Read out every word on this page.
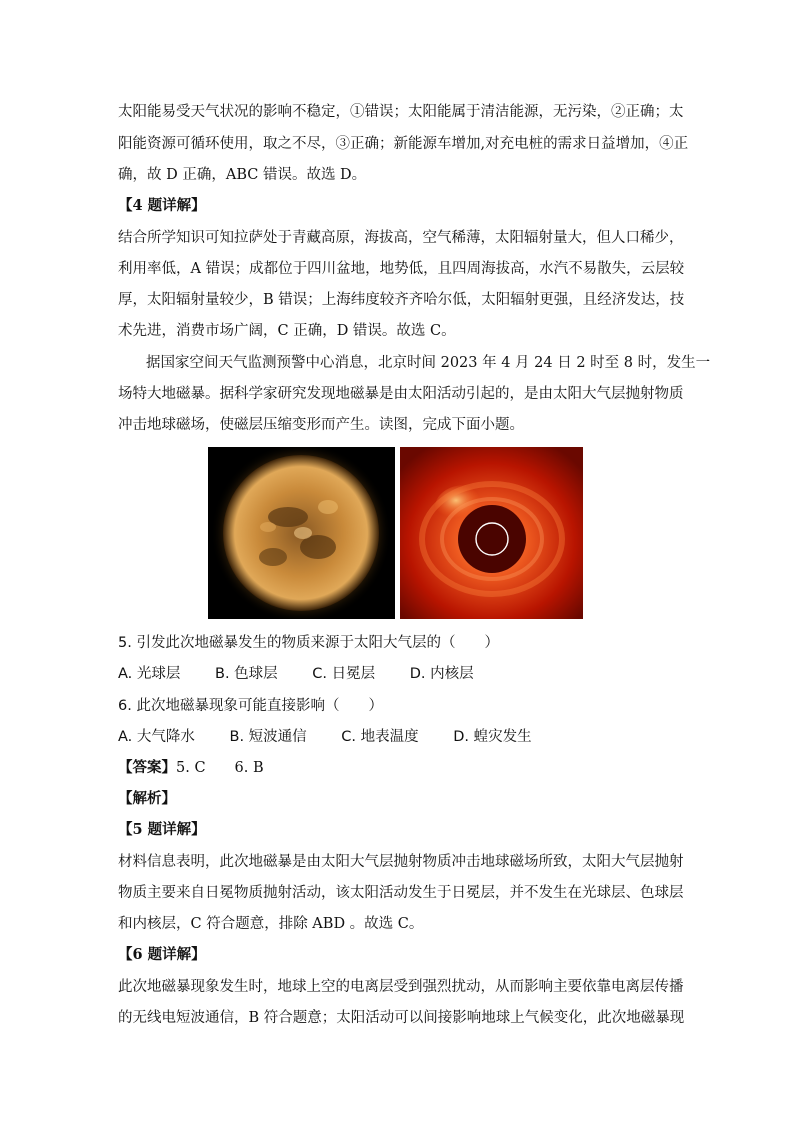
太阳能易受天气状况的影响不稳定，①错误；太阳能属于清洁能源，无污染，②正确；太
阳能资源可循环使用，取之不尽，③正确；新能源车增加,对充电桩的需求日益增加，④正
确，故 D 正确，ABC 错误。故选 D。
【4 题详解】
结合所学知识可知拉萨处于青藏高原，海拔高，空气稀薄，太阳辐射量大，但人口稀少，
利用率低，A 错误；成都位于四川盆地，地势低，且四周海拔高，水汽不易散失，云层较
厚，太阳辐射量较少，B 错误；上海纬度较齐齐哈尔低，太阳辐射更强，且经济发达，技
术先进，消费市场广阔，C 正确，D 错误。故选 C。
据国家空间天气监测预警中心消息，北京时间 2023 年 4 月 24 日 2 时至 8 时，发生一
场特大地磁暴。据科学家研究发现地磁暴是由太阳活动引起的，是由太阳大气层抛射物质
冲击地球磁场，使磁层压缩变形而产生。读图，完成下面小题。
5. 引发此次地磁暴发生的物质来源于太阳大气层的（　　）
A. 光球层 B. 色球层 C. 日冕层 D. 内核层
6. 此次地磁暴现象可能直接影响（　　）
A. 大气降水 B. 短波通信 C. 地表温度 D. 蝗灾发生
【答案】5. C　　6. B
【解析】
【5 题详解】
材料信息表明，此次地磁暴是由太阳大气层抛射物质冲击地球磁场所致，太阳大气层抛射
物质主要来自日冕物质抛射活动，该太阳活动发生于日冕层，并不发生在光球层、色球层
和内核层，C 符合题意，排除 ABD 。故选 C。
【6 题详解】
此次地磁暴现象发生时，地球上空的电离层受到强烈扰动，从而影响主要依靠电离层传播
的无线电短波通信，B 符合题意；太阳活动可以间接影响地球上气候变化，此次地磁暴现
